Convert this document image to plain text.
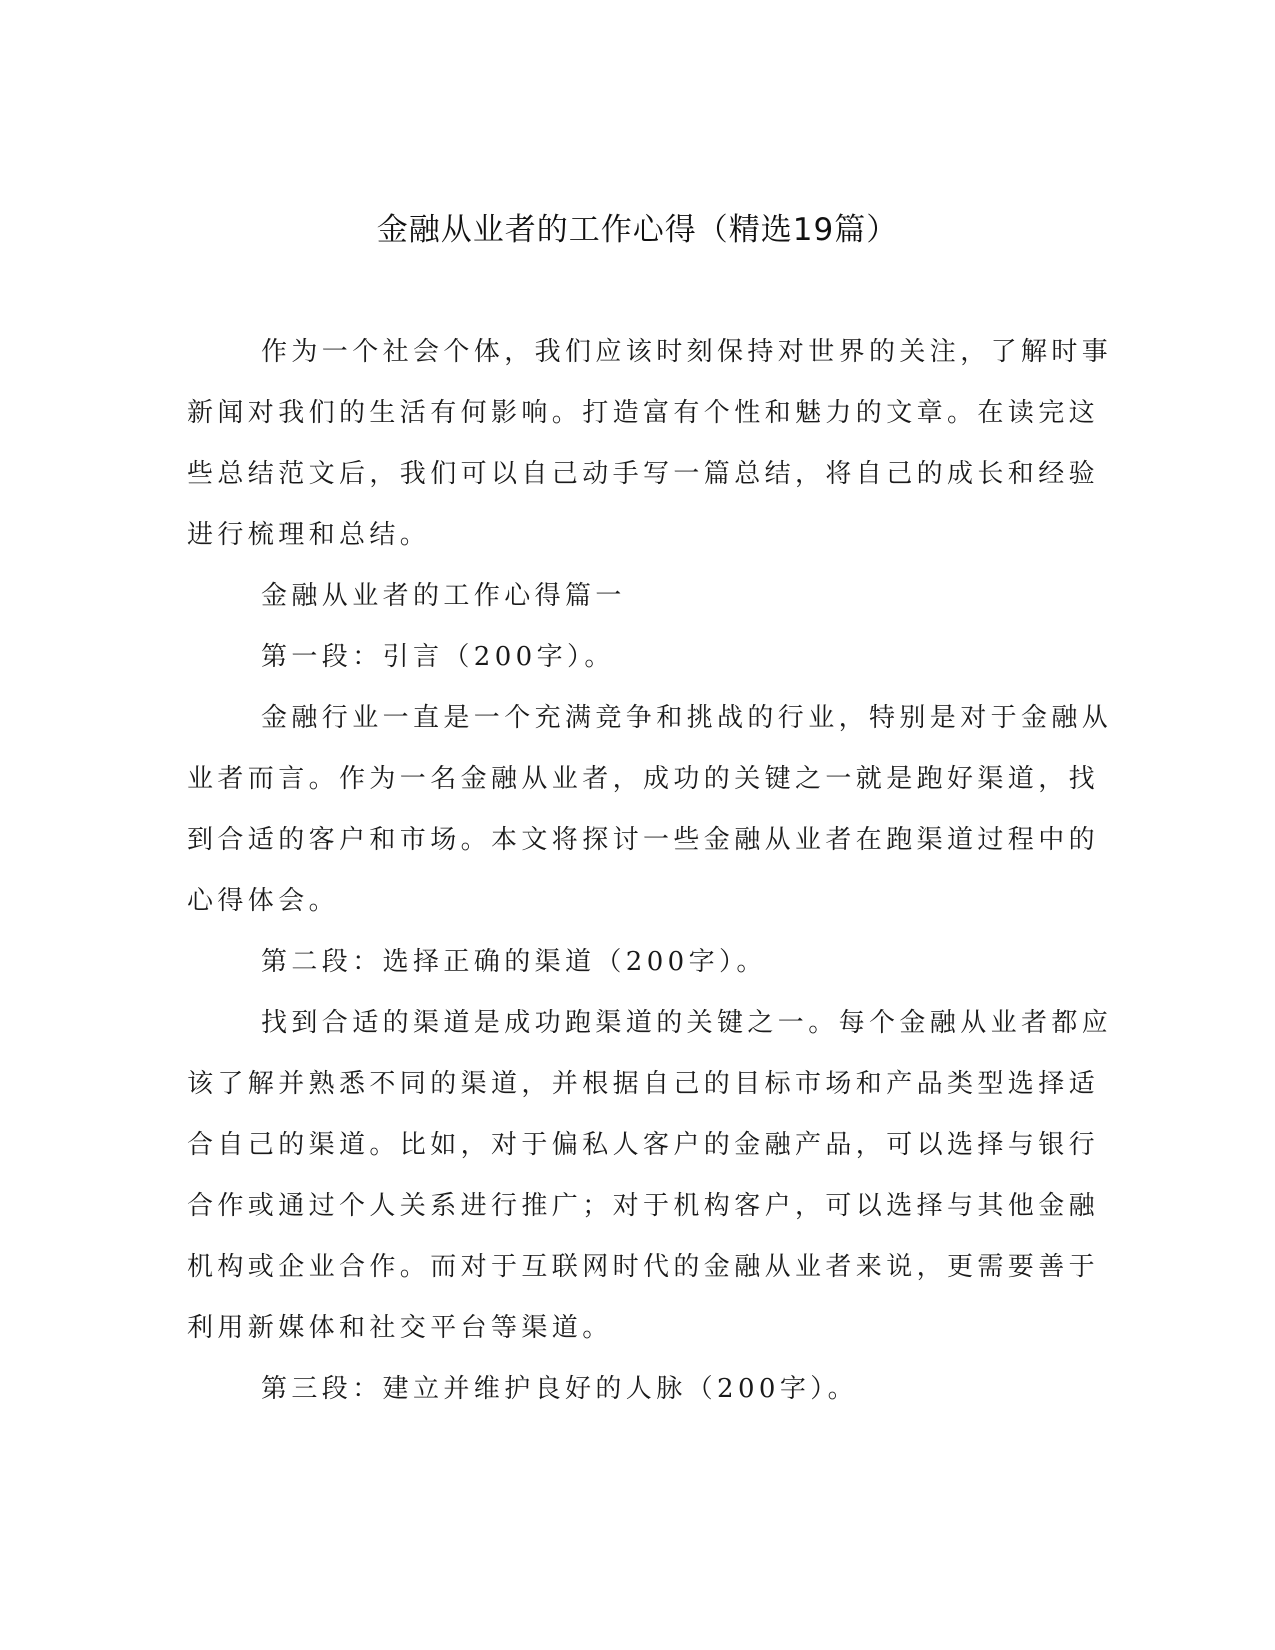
金融从业者的工作心得（精选19篇）
作为一个社会个体，我们应该时刻保持对世界的关注，了解时事
新闻对我们的生活有何影响。打造富有个性和魅力的文章。在读完这
些总结范文后，我们可以自己动手写一篇总结，将自己的成长和经验
进行梳理和总结。
金融从业者的工作心得篇一
第一段：引言（200字）。
金融行业一直是一个充满竞争和挑战的行业，特别是对于金融从
业者而言。作为一名金融从业者，成功的关键之一就是跑好渠道，找
到合适的客户和市场。本文将探讨一些金融从业者在跑渠道过程中的
心得体会。
第二段：选择正确的渠道（200字）。
找到合适的渠道是成功跑渠道的关键之一。每个金融从业者都应
该了解并熟悉不同的渠道，并根据自己的目标市场和产品类型选择适
合自己的渠道。比如，对于偏私人客户的金融产品，可以选择与银行
合作或通过个人关系进行推广；对于机构客户，可以选择与其他金融
机构或企业合作。而对于互联网时代的金融从业者来说，更需要善于
利用新媒体和社交平台等渠道。
第三段：建立并维护良好的人脉（200字）。
